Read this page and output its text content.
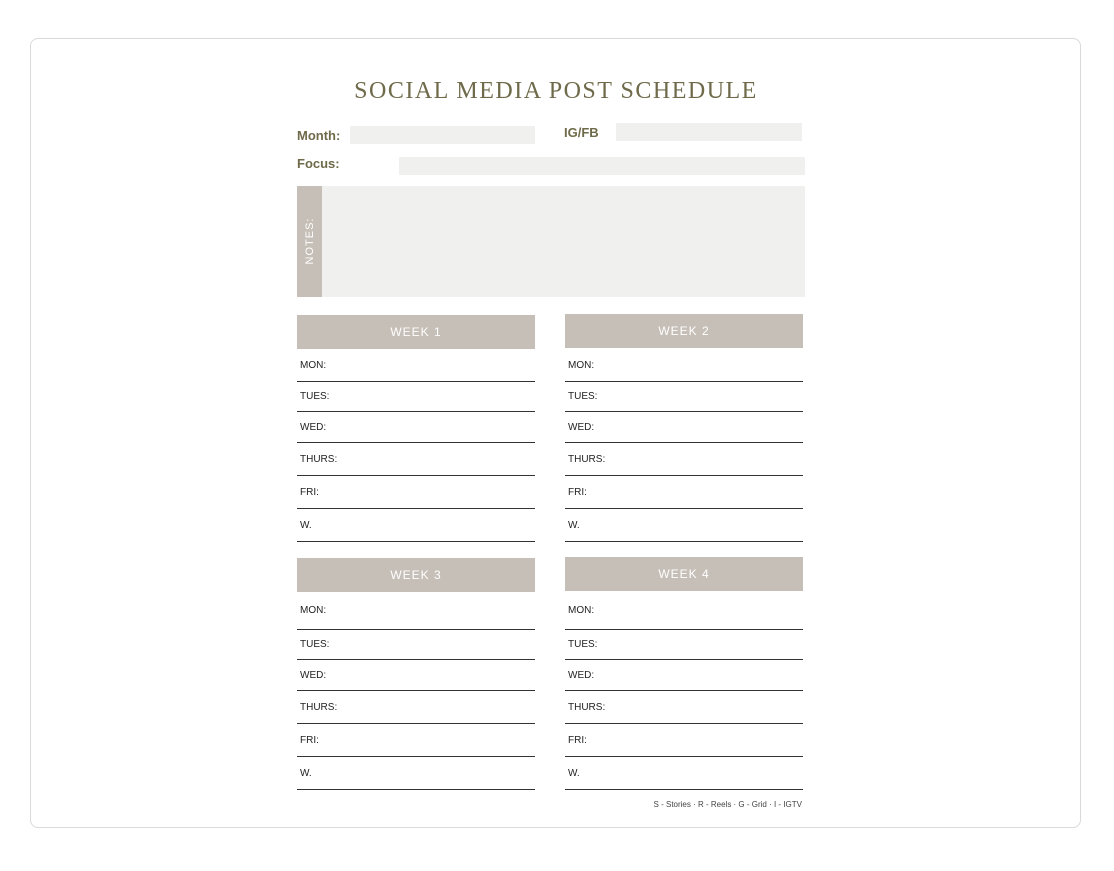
SOCIAL MEDIA POST SCHEDULE
Month:	IG/FB
Focus:
NOTES:
WEEK 1
MON:
TUES:
WED:
THURS:
FRI:
W.
WEEK 2
MON:
TUES:
WED:
THURS:
FRI:
W.
WEEK 3
MON:
TUES:
WED:
THURS:
FRI:
W.
WEEK 4
MON:
TUES:
WED:
THURS:
FRI:
W.
S - Stories · R - Reels · G - Grid · I - IGTV
